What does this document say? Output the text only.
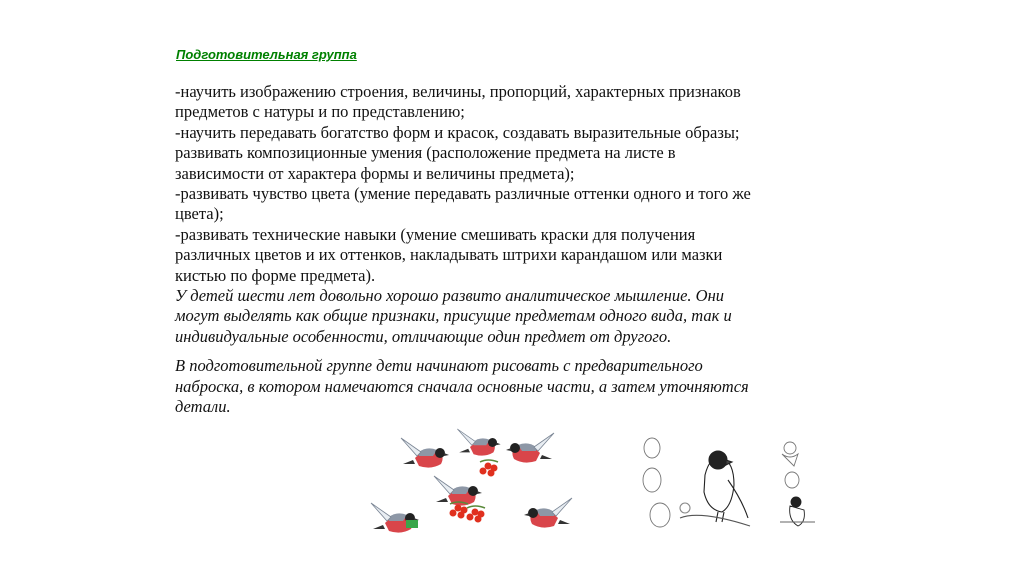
Подготовительная группа

-научить изображению строения, величины, пропорций, характерных признаков

предметов с натуры и по представлению;

-научить передавать богатство форм и красок, создавать выразительные образы;

развивать композиционные умения (расположение предмета на листе в

зависимости от характера формы и величины предмета);

-развивать чувство цвета (умение передавать различные оттенки одного и того же

цвета);

-развивать технические навыки (умение смешивать краски для получения

различных цветов и их оттенков, накладывать штрихи карандашом или мазки

кистью по форме предмета).

У детей шести лет довольно хорошо развито аналитическое мышление. Они

могут выделять как общие признаки, присущие предметам одного вида, так и

индивидуальные особенности, отличающие один предмет от другого.

В подготовительной группе дети начинают рисовать с предварительного

наброска, в котором намечаются сначала основные части, а затем уточняются

детали.
